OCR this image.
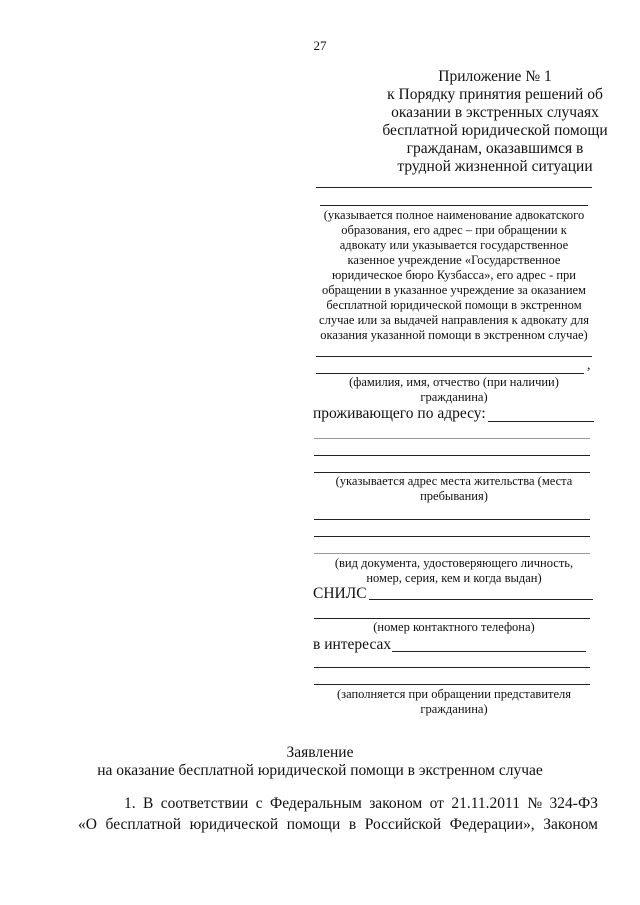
27
Приложение № 1
к Порядку принятия решений об
оказании в экстренных случаях
бесплатной юридической помощи
гражданам, оказавшимся в
трудной жизненной ситуации
(указывается полное наименование адвокатского
образования, его адрес – при обращении к
адвокату или указывается государственное
казенное учреждение «Государственное
юридическое бюро Кузбасса», его адрес - при
обращении в указанное учреждение за оказанием
бесплатной юридической помощи в экстренном
случае или за выдачей направления к адвокату для
оказания указанной помощи в экстренном случае)
,
(фамилия, имя, отчество (при наличии)
гражданина)
проживающего по адресу:
(указывается адрес места жительства (места
пребывания)
(вид документа, удостоверяющего личность,
номер, серия, кем и когда выдан)
СНИЛС
(номер контактного телефона)
в интересах
(заполняется при обращении представителя
гражданина)
Заявление
на оказание бесплатной юридической помощи в экстренном случае
1. В соответствии с Федеральным законом от 21.11.2011 № 324-ФЗ
«О бесплатной юридической помощи в Российской Федерации», Законом
